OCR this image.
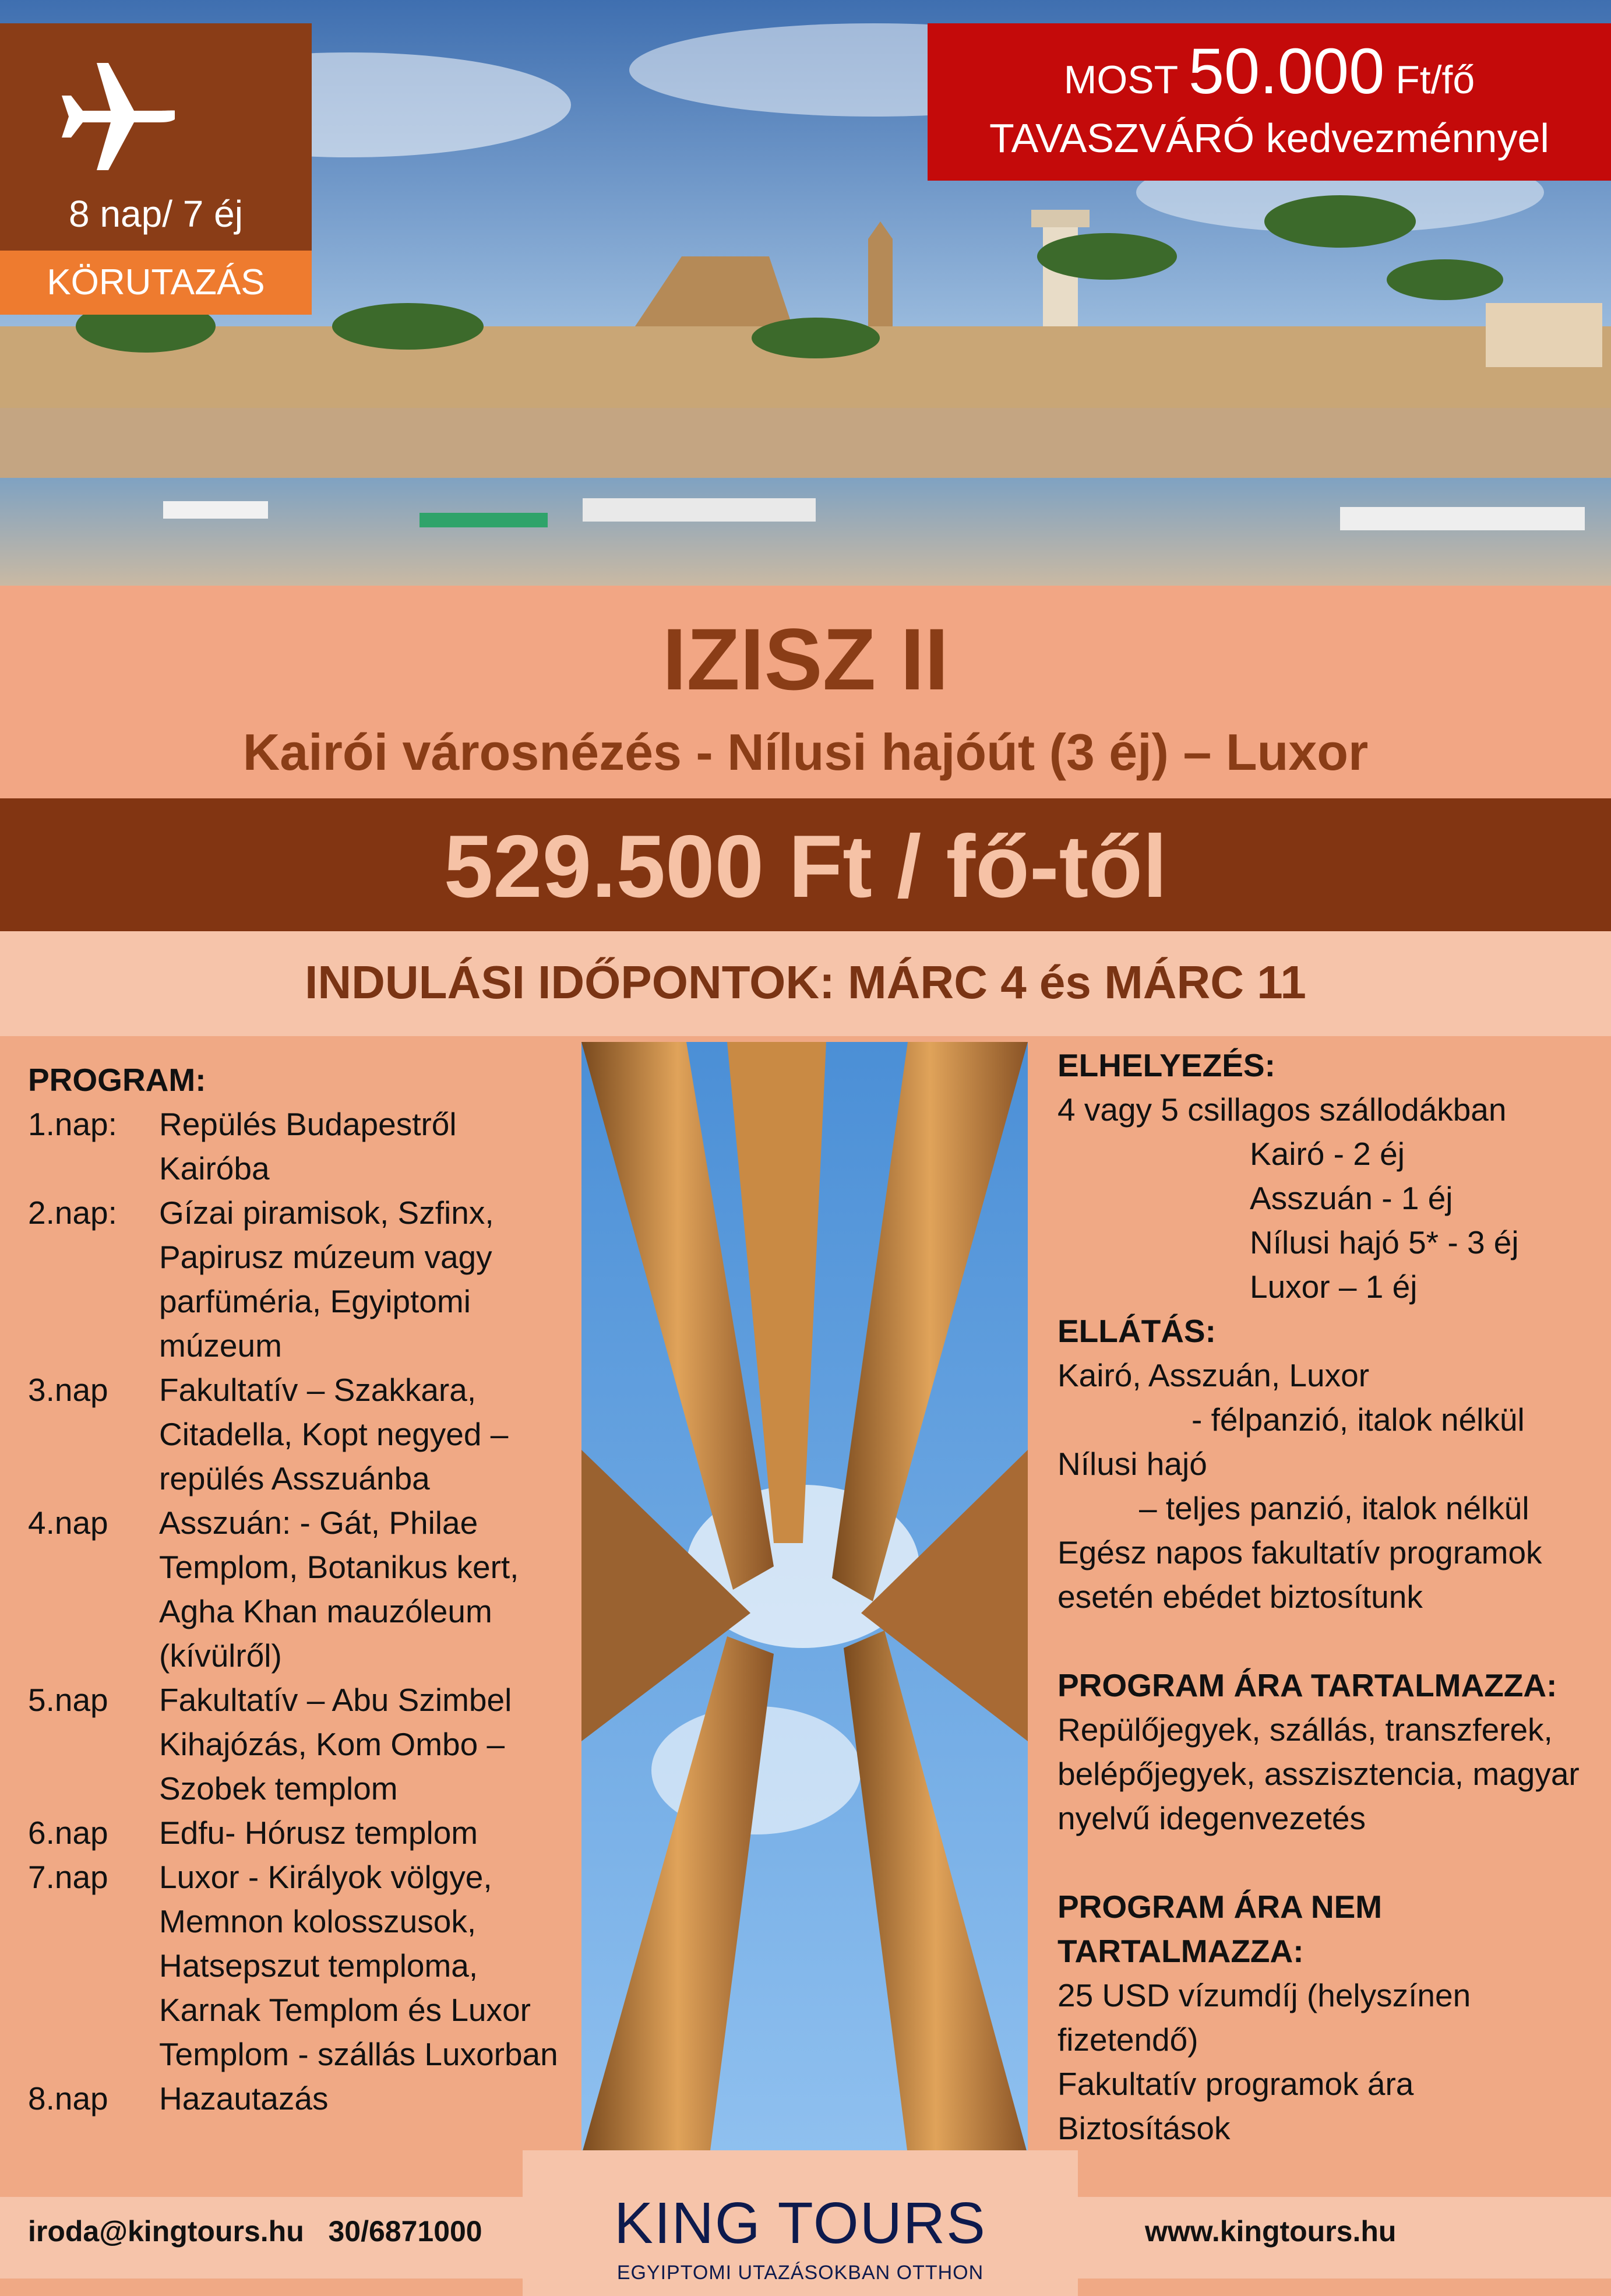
8 nap/ 7 éj
KÖRUTAZÁS
MOST 50.000 Ft/fő
TAVASZVÁRÓ kedvezménnyel
IZISZ II
Kairói városnézés - Nílusi hajóút (3 éj) – Luxor
529.500 Ft / fő-től
INDULÁSI IDŐPONTOK: MÁRC 4 és MÁRC 11
PROGRAM:
1.nap:	Repülés Budapestről Kairóba
2.nap:	Gízai piramisok, Szfinx, Papirusz múzeum vagy parfüméria, Egyiptomi múzeum
3.nap	Fakultatív – Szakkara, Citadella, Kopt negyed – repülés Asszuánba
4.nap	Asszuán: - Gát, Philae Templom, Botanikus kert, Agha Khan mauzóleum (kívülről)
5.nap	Fakultatív – Abu Szimbel Kihajózás, Kom Ombo – Szobek templom
6.nap	Edfu- Hórusz templom
7.nap	Luxor - Királyok völgye, Memnon kolosszusok, Hatsepszut temploma, Karnak Templom és Luxor Templom - szállás Luxorban
8.nap	Hazautazás
ELHELYEZÉS:
4 vagy 5 csillagos szállodákban
Kairó - 2 éj
Asszuán - 1 éj
Nílusi hajó 5* - 3 éj
Luxor – 1 éj
ELLÁTÁS:
Kairó, Asszuán, Luxor
- félpanzió, italok nélkül
Nílusi hajó
– teljes panzió, italok nélkül
Egész napos fakultatív programok esetén ebédet biztosítunk
PROGRAM ÁRA TARTALMAZZA:
Repülőjegyek, szállás, transzferek, belépőjegyek, asszisztencia, magyar nyelvű idegenvezetés
PROGRAM ÁRA NEM TARTALMAZZA:
25 USD vízumdíj (helyszínen fizetendő)
Fakultatív programok ára
Biztosítások
iroda@kingtours.hu 30/6871000	www.kingtours.hu
KING TOURS
EGYIPTOMI UTAZÁSOKBAN OTTHON
